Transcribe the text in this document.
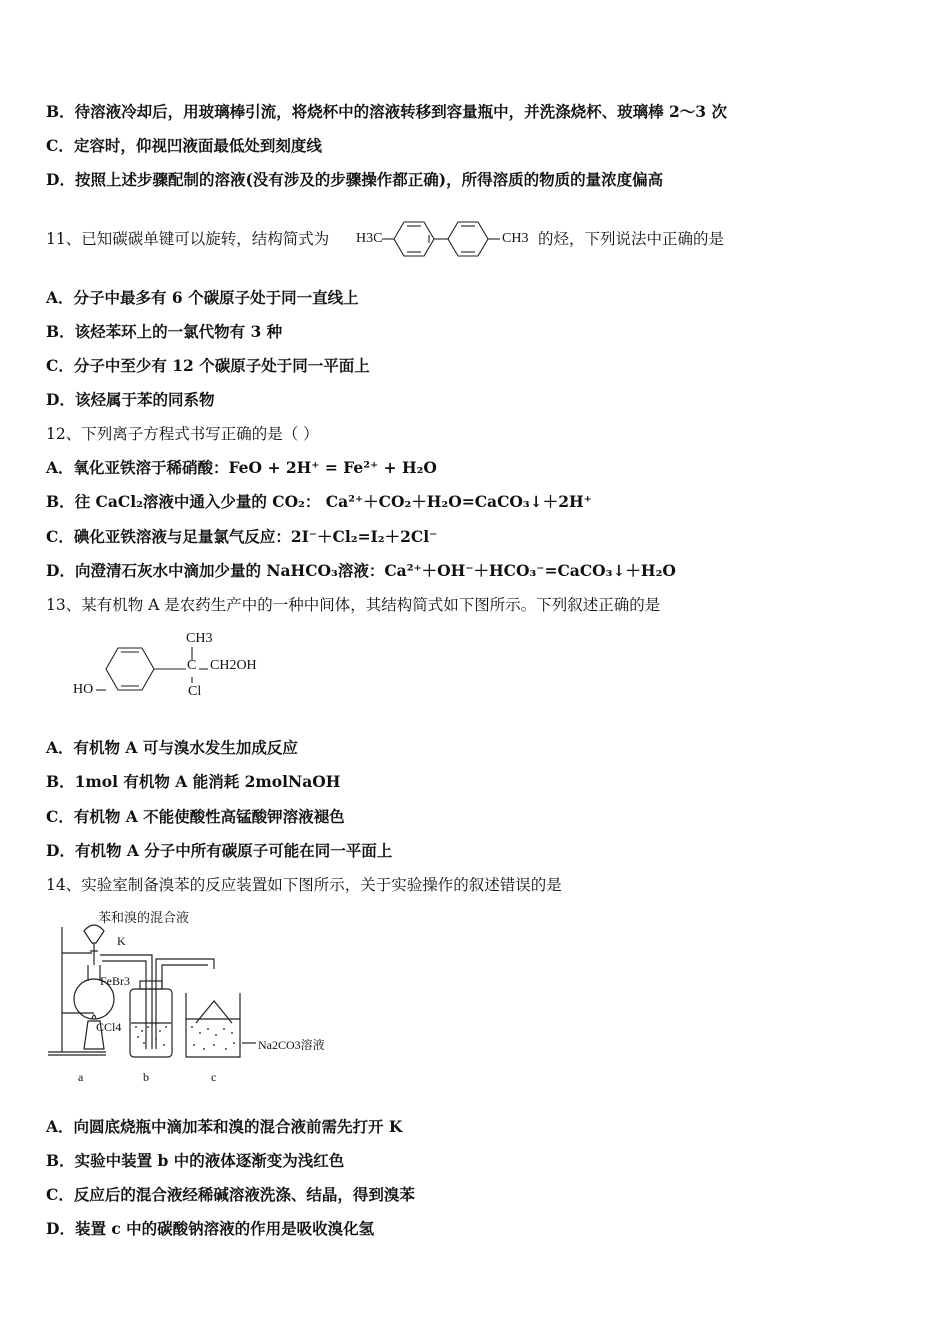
B．待溶液冷却后，用玻璃棒引流，将烧杯中的溶液转移到容量瓶中，并洗涤烧杯、玻璃棒 2～3 次
C．定容时，仰视凹液面最低处到刻度线
D．按照上述步骤配制的溶液(没有涉及的步骤操作都正确)，所得溶质的物质的量浓度偏高
11、已知碳碳单键可以旋转，结构简式为 H3C	CH3 的烃，下列说法中正确的是
A．分子中最多有 6 个碳原子处于同一直线上
B．该烃苯环上的一氯代物有 3 种
C．分子中至少有 12 个碳原子处于同一平面上
D．该烃属于苯的同系物
12、下列离子方程式书写正确的是（ ）
A．氧化亚铁溶于稀硝酸：FeO + 2H⁺ = Fe²⁺ + H₂O
B．往 CaCl₂溶液中通入少量的 CO₂： Ca²⁺＋CO₂＋H₂O=CaCO₃↓＋2H⁺
C．碘化亚铁溶液与足量氯气反应：2I⁻＋Cl₂=I₂＋2Cl⁻
D．向澄清石灰水中滴加少量的 NaHCO₃溶液：Ca²⁺＋OH⁻＋HCO₃⁻=CaCO₃↓＋H₂O
13、某有机物 A 是农药生产中的一种中间体，其结构简式如下图所示。下列叙述正确的是
CH3
C CH2OH
Cl
HO
A．有机物 A 可与溴水发生加成反应
B．1mol 有机物 A 能消耗 2molNaOH
C．有机物 A 不能使酸性高锰酸钾溶液褪色
D．有机物 A 分子中所有碳原子可能在同一平面上
14、实验室制备溴苯的反应装置如下图所示，关于实验操作的叙述错误的是
苯和溴的混合液
K
FeBr3
CCl4
Na2CO3溶液
a	b	c
A．向圆底烧瓶中滴加苯和溴的混合液前需先打开 K
B．实验中装置 b 中的液体逐渐变为浅红色
C．反应后的混合液经稀碱溶液洗涤、结晶，得到溴苯
D．装置 c 中的碳酸钠溶液的作用是吸收溴化氢
